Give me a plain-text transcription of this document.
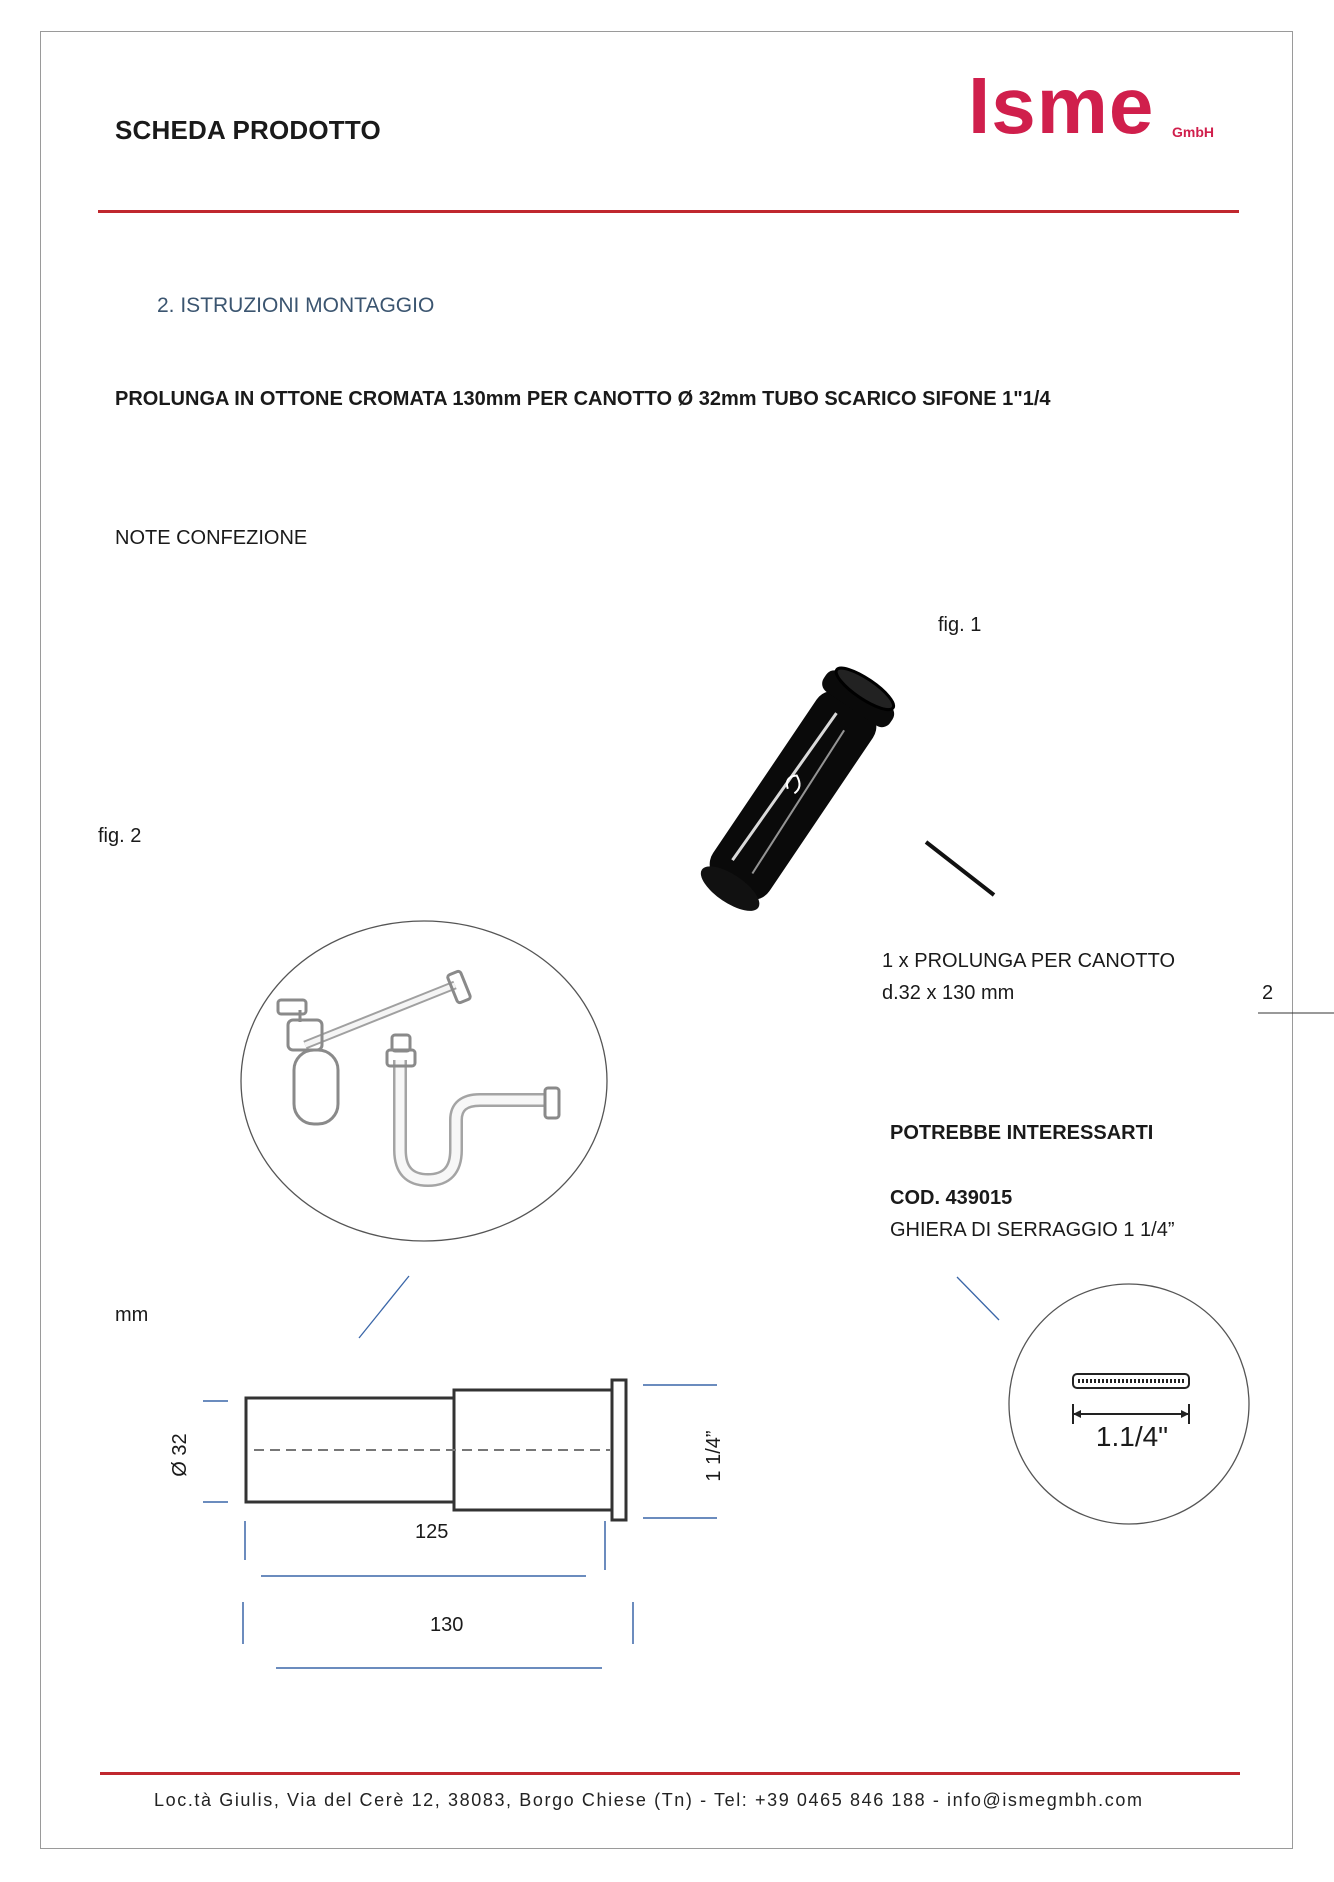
SCHEDA PRODOTTO	Isme GmbH
2. ISTRUZIONI MONTAGGIO
PROLUNGA IN OTTONE CROMATA 130mm PER CANOTTO Ø 32mm TUBO SCARICO SIFONE 1"1/4
NOTE CONFEZIONE
fig. 1
fig. 2
1 x PROLUNGA PER CANOTTO
d.32 x 130 mm	2
POTREBBE INTERESSARTI
COD. 439015
GHIERA DI SERRAGGIO 1 1/4”
mm
125
130
Ø 32	1 1/4”	1.1/4"
Loc.tà Giulis, Via del Cerè 12, 38083, Borgo Chiese (Tn) - Tel: +39 0465 846 188 - info@ismegmbh.com
